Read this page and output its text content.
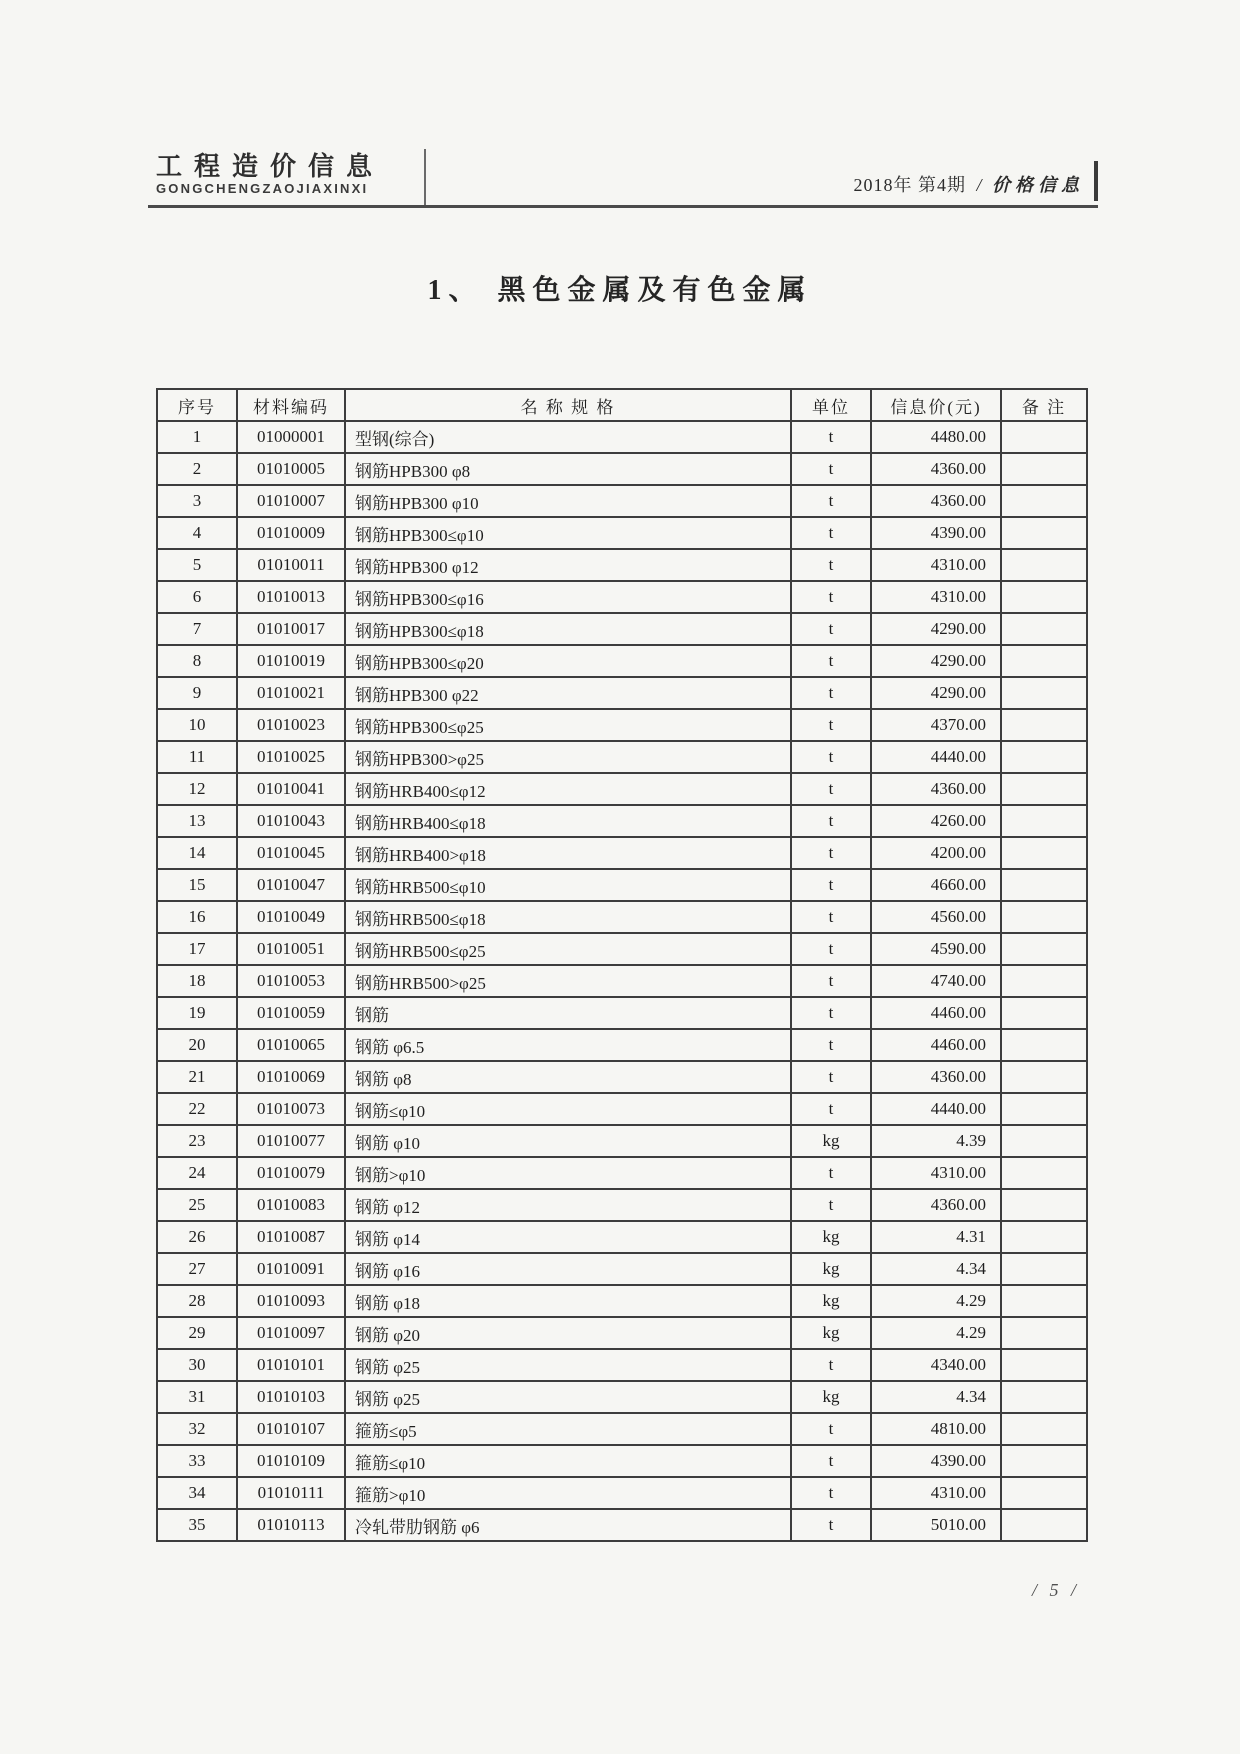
工程造价信息
GONGCHENGZAOJIAXINXI	2018年 第4期 / 价格信息
1、 黑色金属及有色金属
序号	材料编码	名 称 规 格	单位	信息价(元)	备 注
1	01000001	型钢(综合)	t	4480.00	
2	01010005	钢筋HPB300 φ8	t	4360.00	
3	01010007	钢筋HPB300 φ10	t	4360.00	
4	01010009	钢筋HPB300≤φ10	t	4390.00	
5	01010011	钢筋HPB300 φ12	t	4310.00	
6	01010013	钢筋HPB300≤φ16	t	4310.00	
7	01010017	钢筋HPB300≤φ18	t	4290.00	
8	01010019	钢筋HPB300≤φ20	t	4290.00	
9	01010021	钢筋HPB300 φ22	t	4290.00	
10	01010023	钢筋HPB300≤φ25	t	4370.00	
11	01010025	钢筋HPB300>φ25	t	4440.00	
12	01010041	钢筋HRB400≤φ12	t	4360.00	
13	01010043	钢筋HRB400≤φ18	t	4260.00	
14	01010045	钢筋HRB400>φ18	t	4200.00	
15	01010047	钢筋HRB500≤φ10	t	4660.00	
16	01010049	钢筋HRB500≤φ18	t	4560.00	
17	01010051	钢筋HRB500≤φ25	t	4590.00	
18	01010053	钢筋HRB500>φ25	t	4740.00	
19	01010059	钢筋	t	4460.00	
20	01010065	钢筋 φ6.5	t	4460.00	
21	01010069	钢筋 φ8	t	4360.00	
22	01010073	钢筋≤φ10	t	4440.00	
23	01010077	钢筋 φ10	kg	4.39	
24	01010079	钢筋>φ10	t	4310.00	
25	01010083	钢筋 φ12	t	4360.00	
26	01010087	钢筋 φ14	kg	4.31	
27	01010091	钢筋 φ16	kg	4.34	
28	01010093	钢筋 φ18	kg	4.29	
29	01010097	钢筋 φ20	kg	4.29	
30	01010101	钢筋 φ25	t	4340.00	
31	01010103	钢筋 φ25	kg	4.34	
32	01010107	箍筋≤φ5	t	4810.00	
33	01010109	箍筋≤φ10	t	4390.00	
34	01010111	箍筋>φ10	t	4310.00	
35	01010113	冷轧带肋钢筋 φ6	t	5010.00	
/ 5 /
